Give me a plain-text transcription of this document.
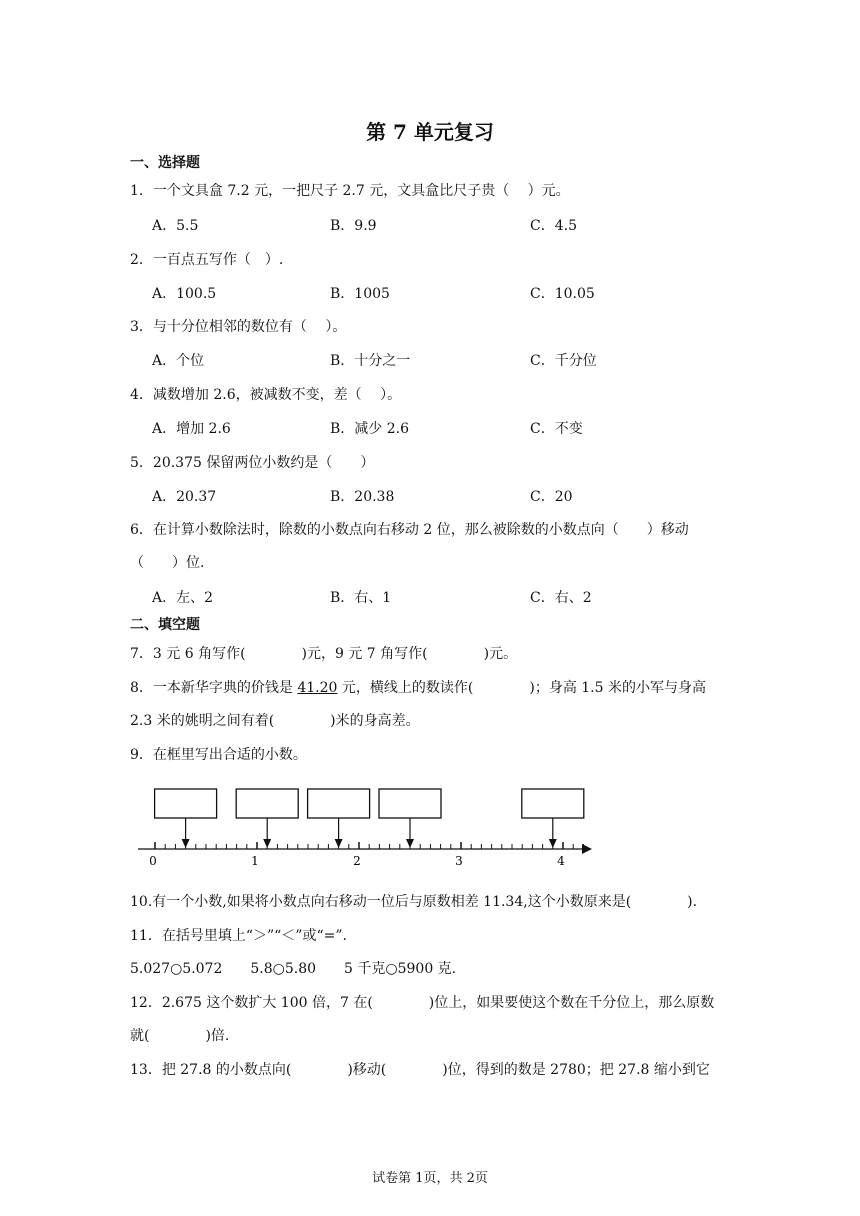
第 7 单元复习
一、选择题
1．一个文具盒 7.2 元，一把尺子 2.7 元，文具盒比尺子贵（　 ）元。
A．5.5	B．9.9	C．4.5
2．一百点五写作（　）.
A．100.5	B．1005	C．10.05
3．与十分位相邻的数位有（　 ）。
A．个位	B．十分之一	C．千分位
4．减数增加 2.6，被减数不变，差（　 ）。
A．增加 2.6	B．减少 2.6	C．不变
5．20.375 保留两位小数约是（　　）
A．20.37	B．20.38	C．20
6．在计算小数除法时，除数的小数点向右移动 2 位，那么被除数的小数点向（　　）移动
（　　）位.
A．左、2	B．右、1	C．右、2
二、填空题
7．3 元 6 角写作(　　　　)元，9 元 7 角写作(　　　　)元。
8．一本新华字典的价钱是 41.20 元，横线上的数读作(　　　　)；身高 1.5 米的小军与身高
2.3 米的姚明之间有着(　　　　)米的身高差。
9．在框里写出合适的小数。
0	1	2	3	4
10.有一个小数,如果将小数点向右移动一位后与原数相差 11.34,这个小数原来是(　　　　).
11．在括号里填上“＞”“＜”或“=”.
5.027○5.072　　5.8○5.80　　5 千克○5900 克.
12．2.675 这个数扩大 100 倍，7 在(　　　　)位上，如果要使这个数在千分位上，那么原数
就(　　　　)倍.
13．把 27.8 的小数点向(　　　　)移动(　　　　)位，得到的数是 2780；把 27.8 缩小到它
试卷第 1页，共 2页
